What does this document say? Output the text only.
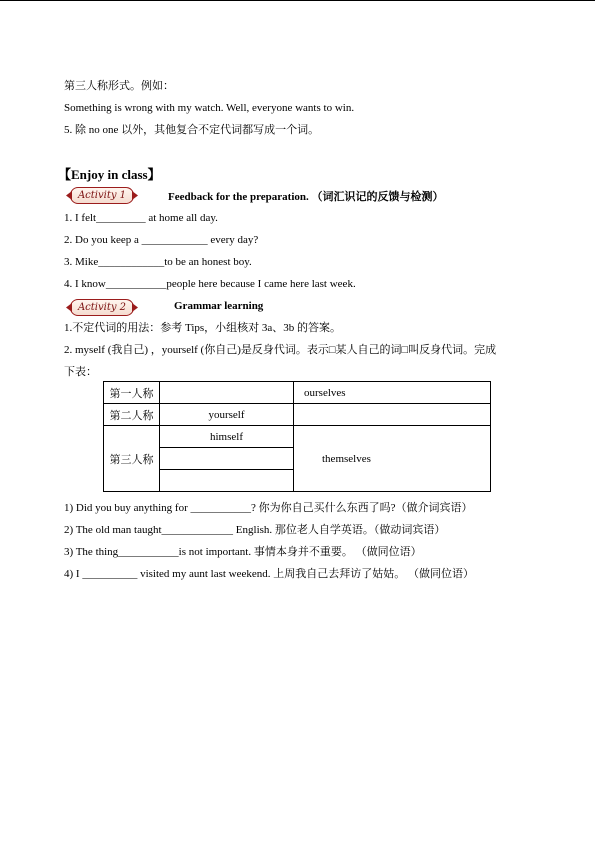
第三人称形式。例如：
Something is wrong with my watch. Well, everyone wants to win.
5. 除 no one 以外，其他复合不定代词都写成一个词。
【Enjoy in class】
Activity 1	Feedback for the preparation. （词汇识记的反馈与检测）
1. I felt_________ at home all day.
2. Do you keep a ____________ every day?
3. Mike____________to be an honest boy.
4. I know___________people here because I came here last week.
Activity 2	Grammar learning
1.不定代词的用法：参考 Tips，小组核对 3a、3b 的答案。
2. myself (我自己) ，yourself (你自己)是反身代词。表示□某人自己的词□叫反身代词。完成
下表：
第一人称		ourselves
第二人称	yourself	
第三人称	himself	themselves

1) Did you buy anything for ___________? 你为你自己买什么东西了吗?（做介词宾语）
2) The old man taught_____________ English. 那位老人自学英语。（做动词宾语）
3) The thing___________is not important. 事情本身并不重要。 （做同位语）
4) I __________ visited my aunt last weekend. 上周我自己去拜访了姑姑。 （做同位语）
